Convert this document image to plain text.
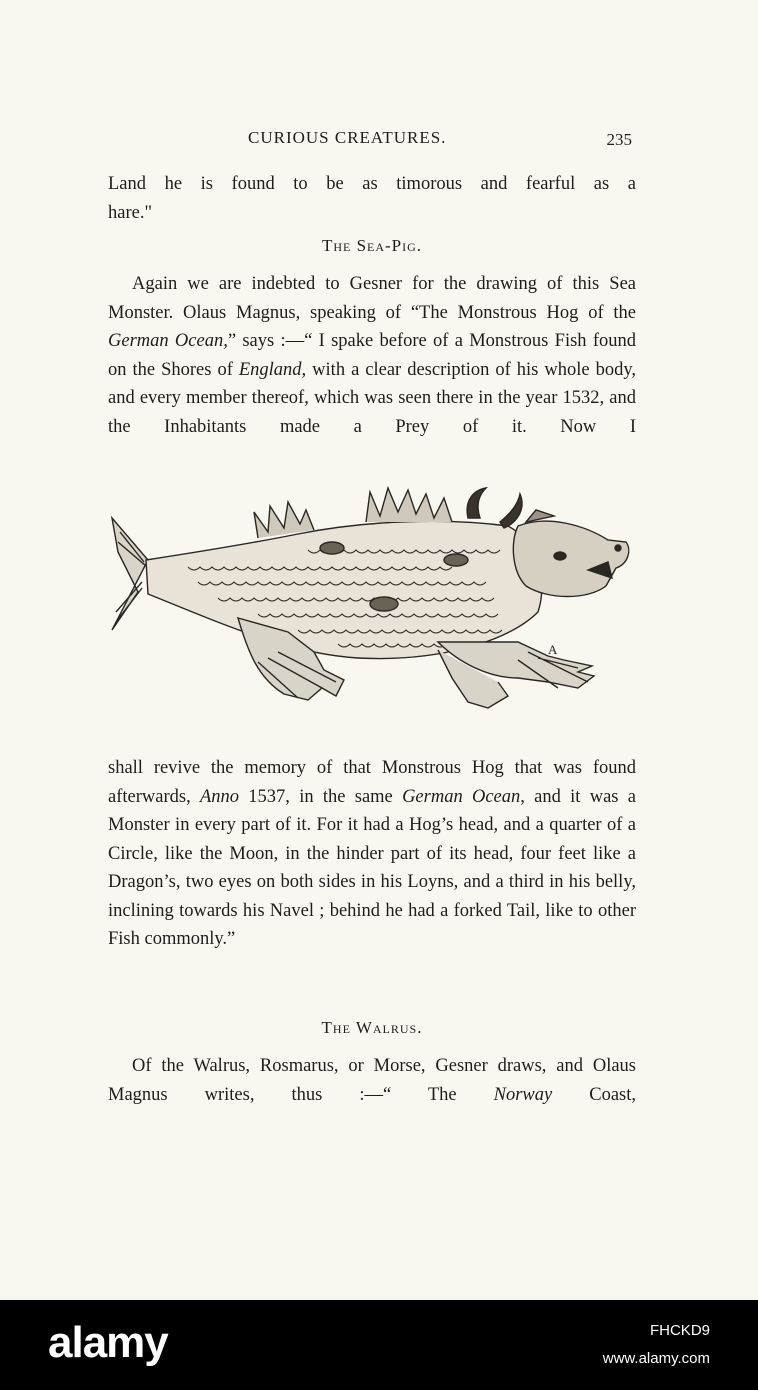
CURIOUS CREATURES.	235

Land he is found to be as timorous and fearful as a

hare."

The Sea-Pig.

Again we are indebted to Gesner for the drawing of this Sea Monster. Olaus Magnus, speaking of “The Monstrous Hog of the German Ocean,” says :—“ I spake before of a Monstrous Fish found on the Shores of England, with a clear description of his whole body, and every member thereof, which was seen there in the year 1532, and the Inhabitants made a Prey of it. Now I

A

shall revive the memory of that Monstrous Hog that was found afterwards, Anno 1537, in the same German Ocean, and it was a Monster in every part of it. For it had a Hog’s head, and a quarter of a Circle, like the Moon, in the hinder part of its head, four feet like a Dragon’s, two eyes on both sides in his Loyns, and a third in his belly, inclining towards his Navel ; behind he had a forked Tail, like to other Fish commonly.”

The Walrus.

Of the Walrus, Rosmarus, or Morse, Gesner draws, and Olaus Magnus writes, thus :—“ The Norway Coast,

alamy	FHCKD9
www.alamy.com
